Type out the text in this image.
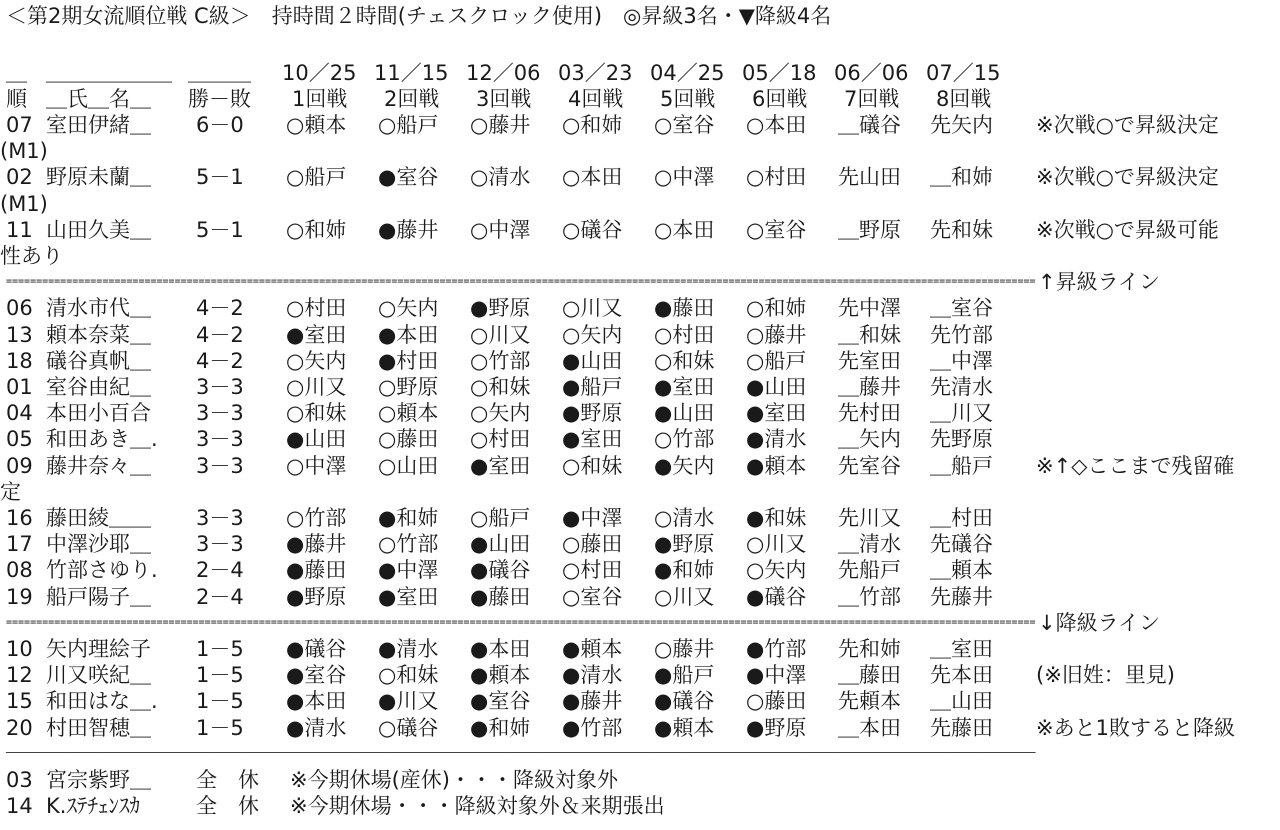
＜第2期女流順位戦 C級＞　持時間２時間(チェスクロック使用)　◎昇級3名・▼降級4名

＿

＿＿＿＿＿＿

＿＿＿

10／25

11／15

12／06

03／23

04／25

05／18

06／06

07／15

順

＿氏＿名＿

勝－敗

1回戦

2回戦

3回戦

4回戦

5回戦

6回戦

7回戦

8回戦

07 室田伊緒＿ 6－0 ○頼本 ○船戸 ○藤井 ○和姉 ○室谷 ○本田 ＿礒谷 先矢内 ※次戦○で昇級決定
(M1)
02 野原未蘭＿ 5－1 ○船戸 ●室谷 ○清水 ○本田 ○中澤 ○村田 先山田 ＿和姉 ※次戦○で昇級決定
(M1)
11 山田久美＿ 5－1 ○和姉 ●藤井 ○中澤 ○礒谷 ○本田 ○室谷 ＿野原 先和妹 ※次戦○で昇級可能
性あり
=========================================================================================================================================================================== ↑昇級ライン
06 清水市代＿ 4－2 ○村田 ○矢内 ●野原 ○川又 ●藤田 ○和姉 先中澤 ＿室谷
13 頼本奈菜＿ 4－2 ●室田 ●本田 ○川又 ○矢内 ○村田 ○藤井 ＿和妹 先竹部
18 礒谷真帆＿ 4－2 ○矢内 ●村田 ○竹部 ●山田 ○和妹 ○船戸 先室田 ＿中澤
01 室谷由紀＿ 3－3 ○川又 ○野原 ○和妹 ●船戸 ●室田 ●山田 ＿藤井 先清水
04 本田小百合 3－3 ○和妹 ○頼本 ○矢内 ●野原 ●山田 ●室田 先村田 ＿川又
05 和田あき＿. 3－3 ●山田 ○藤田 ○村田 ●室田 ○竹部 ●清水 ＿矢内 先野原
09 藤井奈々＿ 3－3 ○中澤 ○山田 ●室田 ○和妹 ●矢内 ●頼本 先室谷 ＿船戸 ※↑◇ここまで残留確
定
16 藤田綾＿＿ 3－3 ○竹部 ●和姉 ○船戸 ●中澤 ○清水 ●和妹 先川又 ＿村田
17 中澤沙耶＿ 3－3 ●藤井 ○竹部 ●山田 ○藤田 ●野原 ○川又 ＿清水 先礒谷
08 竹部さゆり. 2－4 ●藤田 ●中澤 ●礒谷 ○村田 ●和姉 ○矢内 先船戸 ＿頼本
19 船戸陽子＿ 2－4 ●野原 ●室田 ●藤田 ○室谷 ○川又 ●礒谷 ＿竹部 先藤井
=========================================================================================================================================================================== ↓降級ライン
10 矢内理絵子 1－5 ●礒谷 ●清水 ●本田 ●頼本 ○藤井 ●竹部 先和姉 ＿室田
12 川又咲紀＿ 1－5 ●室谷 ○和妹 ●頼本 ●清水 ●船戸 ●中澤 ＿藤田 先本田 (※旧姓：里見)
15 和田はな＿. 1－5 ●本田 ●川又 ●室谷 ●藤井 ●礒谷 ○藤田 先頼本 ＿山田
20 村田智穂＿ 1－5 ●清水 ○礒谷 ●和姉 ●竹部 ●頼本 ●野原 ＿本田 先藤田 ※あと1敗すると降級
───────────────────────────────────────────────────────────────────────────────────────────────────────────────────────────────────────────────────────────────────────────
03 宮宗紫野＿ 全　休 ※今期休場(産休)・・・降級対象外
14 K.ｽﾃﾁｪﾝｽｶ	全　休 ※今期休場・・・降級対象外＆来期張出
